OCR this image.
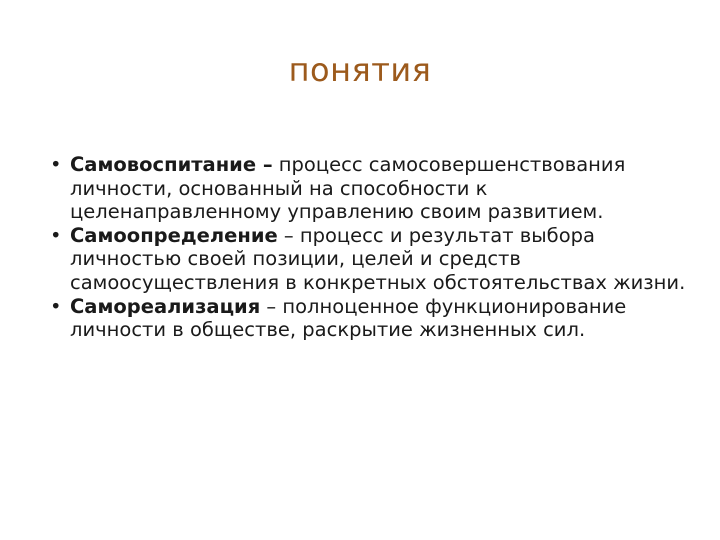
понятия
• Самовоспитание – процесс самосовершенствования личности, основанный на способности к целенаправленному управлению своим развитием.
• Самоопределение – процесс и результат выбора личностью своей позиции, целей и средств самоосуществления в конкретных обстоятельствах жизни.
• Самореализация – полноценное функционирование личности в обществе, раскрытие жизненных сил.
